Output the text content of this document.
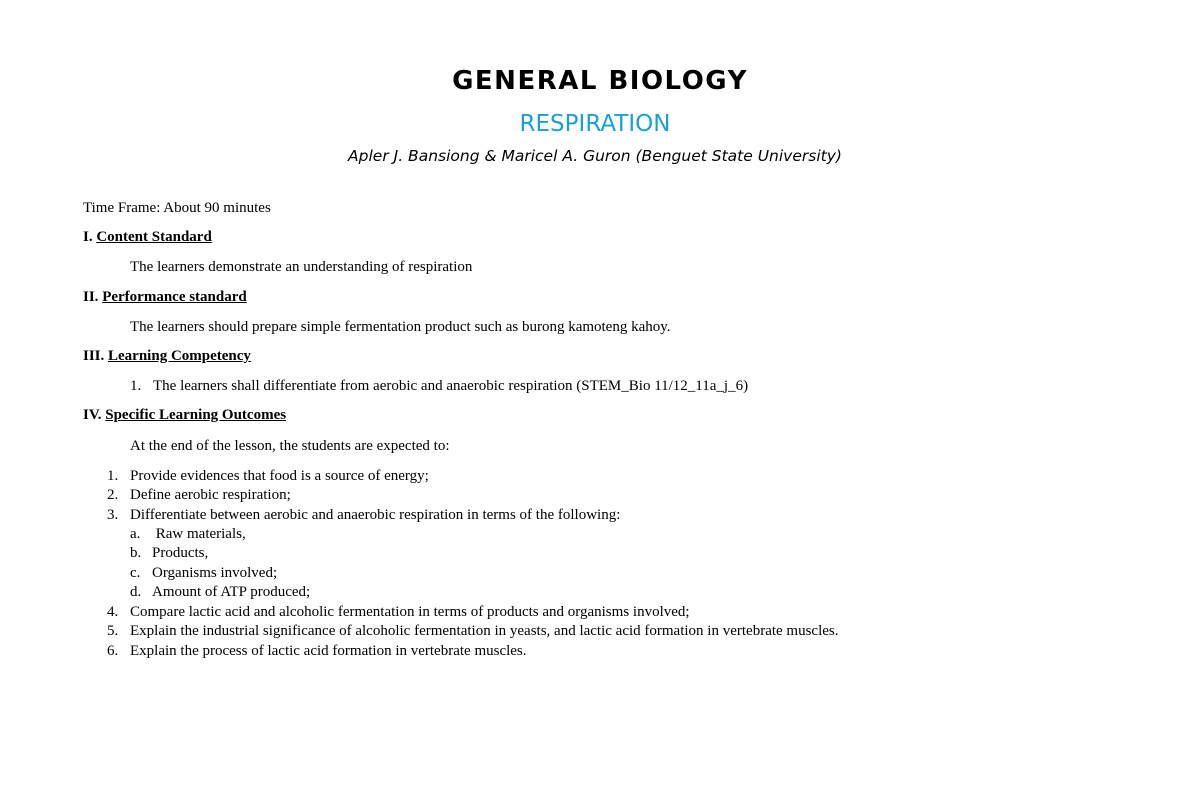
GENERAL BIOLOGY
RESPIRATION
Apler J. Bansiong & Maricel A. Guron (Benguet State University)
Time Frame: About 90 minutes
I. Content Standard
The learners demonstrate an understanding of respiration
II. Performance standard
The learners should prepare simple fermentation product such as burong kamoteng kahoy.
III. Learning Competency
1. The learners shall differentiate from aerobic and anaerobic respiration (STEM_Bio 11/12_11a_j_6)
IV. Specific Learning Outcomes
At the end of the lesson, the students are expected to:
1. Provide evidences that food is a source of energy;
2. Define aerobic respiration;
3. Differentiate between aerobic and anaerobic respiration in terms of the following:
a. Raw materials,
b. Products,
c. Organisms involved;
d. Amount of ATP produced;
4. Compare lactic acid and alcoholic fermentation in terms of products and organisms involved;
5. Explain the industrial significance of alcoholic fermentation in yeasts, and lactic acid formation in vertebrate muscles.
6. Explain the process of lactic acid formation in vertebrate muscles.
